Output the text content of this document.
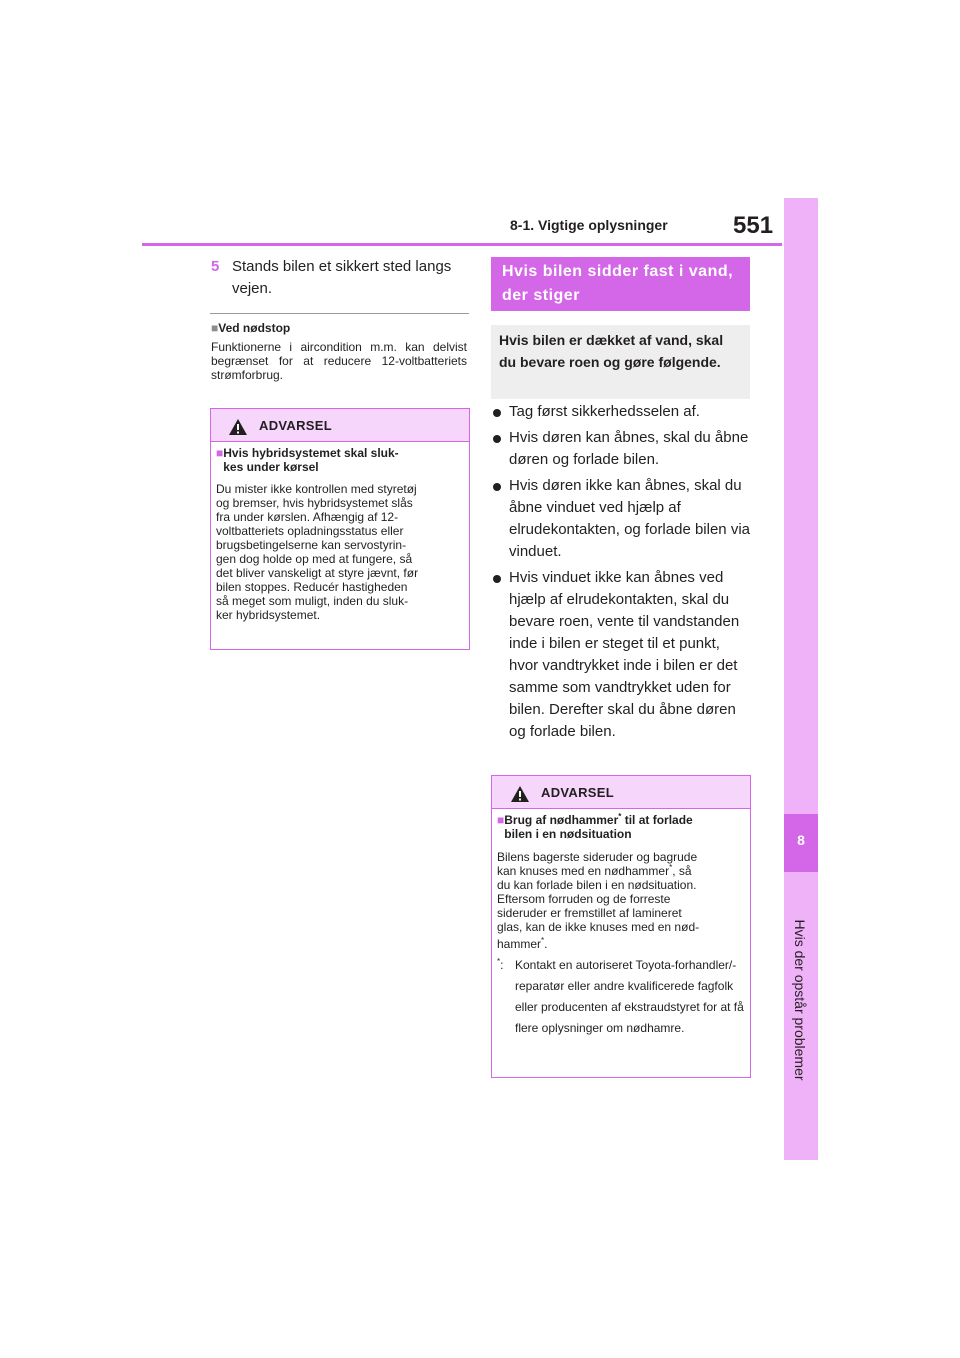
8-1. Vigtige oplysninger	551
8
Hvis der opstår problemer
5 Stands bilen et sikkert sted langs vejen.
■Ved nødstop
Funktionerne i aircondition m.m. kan delvist begrænset for at reducere 12-voltbatteriets strømforbrug.
ADVARSEL
■Hvis hybridsystemet skal sluk-
kes under kørsel
Du mister ikke kontrollen med styretøj
og bremser, hvis hybridsystemet slås
fra under kørslen. Afhængig af 12-
voltbatteriets opladningsstatus eller
brugsbetingelserne kan servostyrin-
gen dog holde op med at fungere, så
det bliver vanskeligt at styre jævnt, før
bilen stoppes. Reducér hastigheden
så meget som muligt, inden du sluk-
ker hybridsystemet.
Hvis bilen sidder fast i vand, der stiger
Hvis bilen er dækket af vand, skal du bevare roen og gøre følgende.
Tag først sikkerhedsselen af.
Hvis døren kan åbnes, skal du åbne døren og forlade bilen.
Hvis døren ikke kan åbnes, skal du åbne vinduet ved hjælp af elrudekontakten, og forlade bilen via vinduet.
Hvis vinduet ikke kan åbnes ved hjælp af elrudekontakten, skal du bevare roen, vente til vandstanden inde i bilen er steget til et punkt, hvor vandtrykket inde i bilen er det samme som vandtrykket uden for bilen. Derefter skal du åbne døren og forlade bilen.
ADVARSEL
■Brug af nødhammer* til at forlade
bilen i en nødsituation
Bilens bagerste sideruder og bagrude
kan knuses med en nødhammer*, så
du kan forlade bilen i en nødsituation.
Eftersom forruden og de forreste
sideruder er fremstillet af lamineret
glas, kan de ikke knuses med en nød-
hammer*.
*: Kontakt en autoriseret Toyota-forhandler/-reparatør eller andre kvalificerede fagfolk eller producenten af ekstraudstyret for at få flere oplysninger om nødhamre.
